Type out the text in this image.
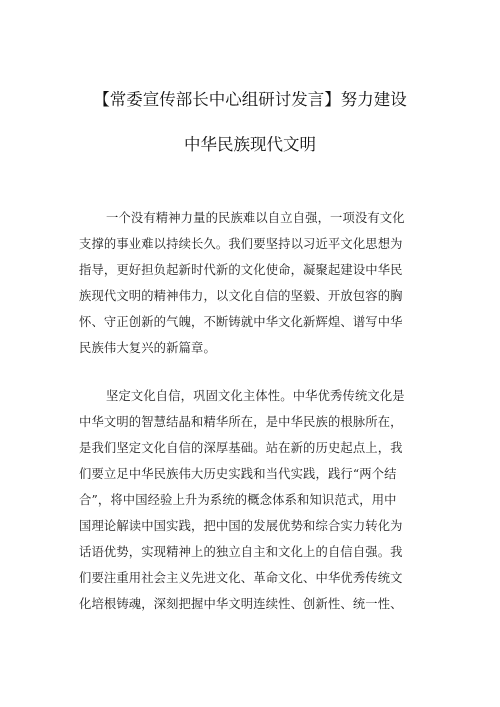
【常委宣传部长中心组研讨发言】努力建设
中华民族现代文明
一个没有精神力量的民族难以自立自强，一项没有文化
支撑的事业难以持续长久。我们要坚持以习近平文化思想为
指导，更好担负起新时代新的文化使命，凝聚起建设中华民
族现代文明的精神伟力，以文化自信的坚毅、开放包容的胸
怀、守正创新的气魄，不断铸就中华文化新辉煌、谱写中华
民族伟大复兴的新篇章。
坚定文化自信，巩固文化主体性。中华优秀传统文化是
中华文明的智慧结晶和精华所在，是中华民族的根脉所在，
是我们坚定文化自信的深厚基础。站在新的历史起点上，我
们要立足中华民族伟大历史实践和当代实践，践行“两个结
合”，将中国经验上升为系统的概念体系和知识范式，用中
国理论解读中国实践，把中国的发展优势和综合实力转化为
话语优势，实现精神上的独立自主和文化上的自信自强。我
们要注重用社会主义先进文化、革命文化、中华优秀传统文
化培根铸魂，深刻把握中华文明连续性、创新性、统一性、
